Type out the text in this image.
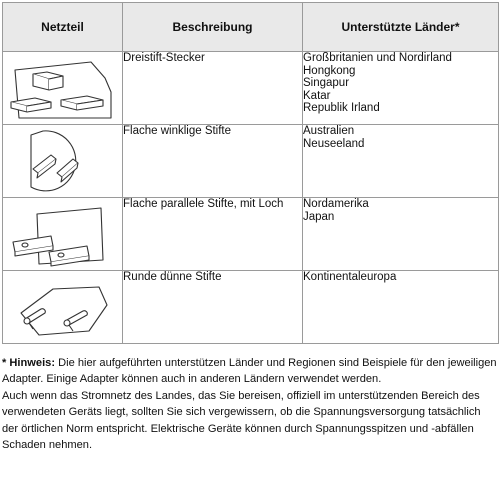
Netzteil	Beschreibung	Unterstützte Länder*

	Dreistift-Stecker	Großbritanien und Nordirland
Hongkong
Singapur
Katar
Republik Irland

	Flache winklige Stifte	Australien
Neuseeland

	Flache parallele Stifte, mit Loch	Nordamerika
Japan

	Runde dünne Stifte	Kontinentaleuropa

* Hinweis: Die hier aufgeführten unterstützen Länder und Regionen sind Beispiele für den jeweiligen Adapter. Einige Adapter können auch in anderen Ländern verwendet werden.

Auch wenn das Stromnetz des Landes, das Sie bereisen, offiziell im unterstützenden Bereich des verwendeten Geräts liegt, sollten Sie sich vergewissern, ob die Spannungsversorgung tatsächlich der örtlichen Norm entspricht. Elektrische Geräte können durch Spannungsspitzen und -abfällen Schaden nehmen.
